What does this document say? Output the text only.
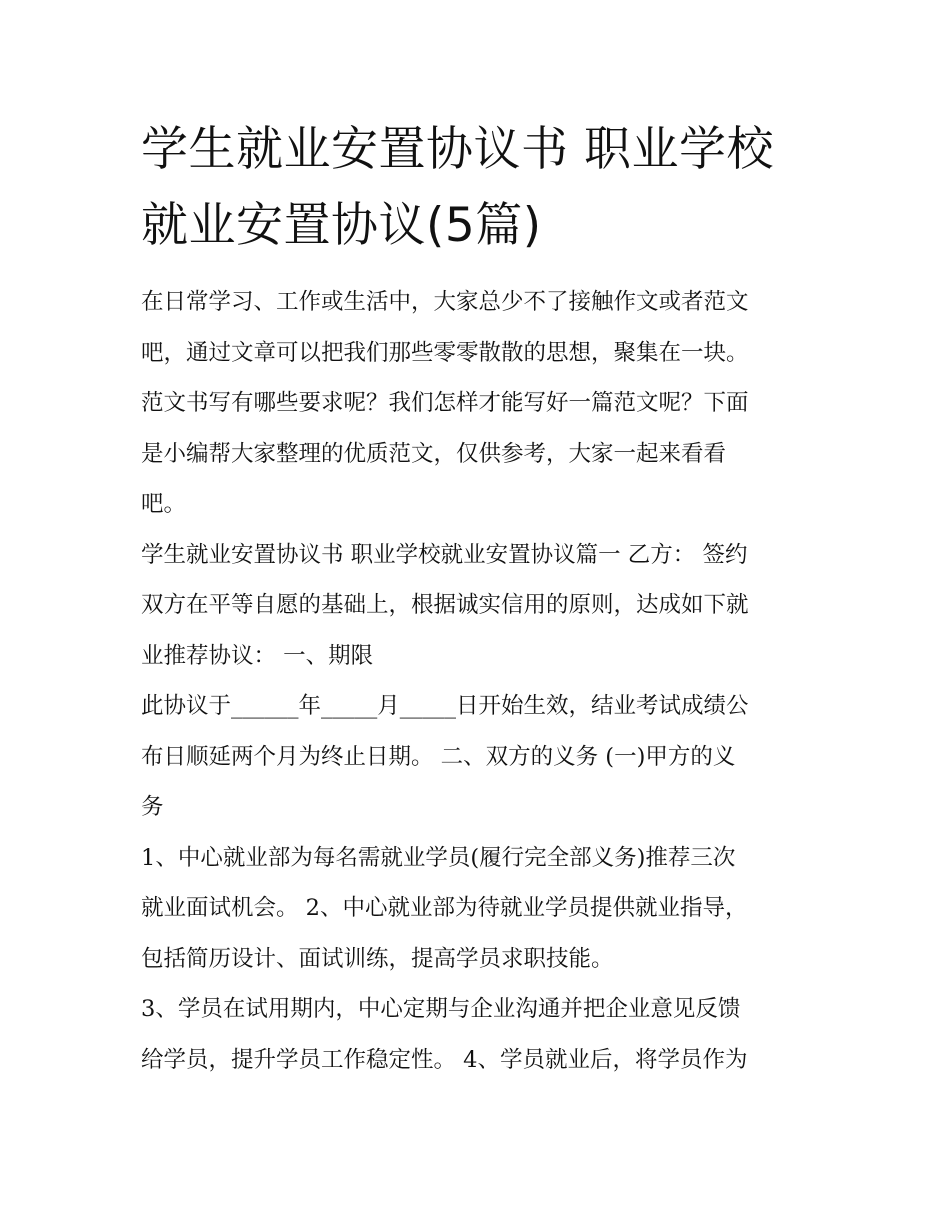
学生就业安置协议书 职业学校
就业安置协议(5篇)

在日常学习、工作或生活中，大家总少不了接触作文或者范文
吧，通过文章可以把我们那些零零散散的思想，聚集在一块。
范文书写有哪些要求呢？我们怎样才能写好一篇范文呢？下面
是小编帮大家整理的优质范文，仅供参考，大家一起来看看
吧。

学生就业安置协议书 职业学校就业安置协议篇一 乙方： 签约
双方在平等自愿的基础上，根据诚实信用的原则，达成如下就
业推荐协议： 一、期限

此协议于______年_____月_____日开始生效，结业考试成绩公
布日顺延两个月为终止日期。 二、双方的义务 (一)甲方的义
务

1、中心就业部为每名需就业学员(履行完全部义务)推荐三次
就业面试机会。 2、中心就业部为待就业学员提供就业指导，
包括简历设计、面试训练，提高学员求职技能。

3、学员在试用期内，中心定期与企业沟通并把企业意见反馈
给学员，提升学员工作稳定性。 4、学员就业后，将学员作为
